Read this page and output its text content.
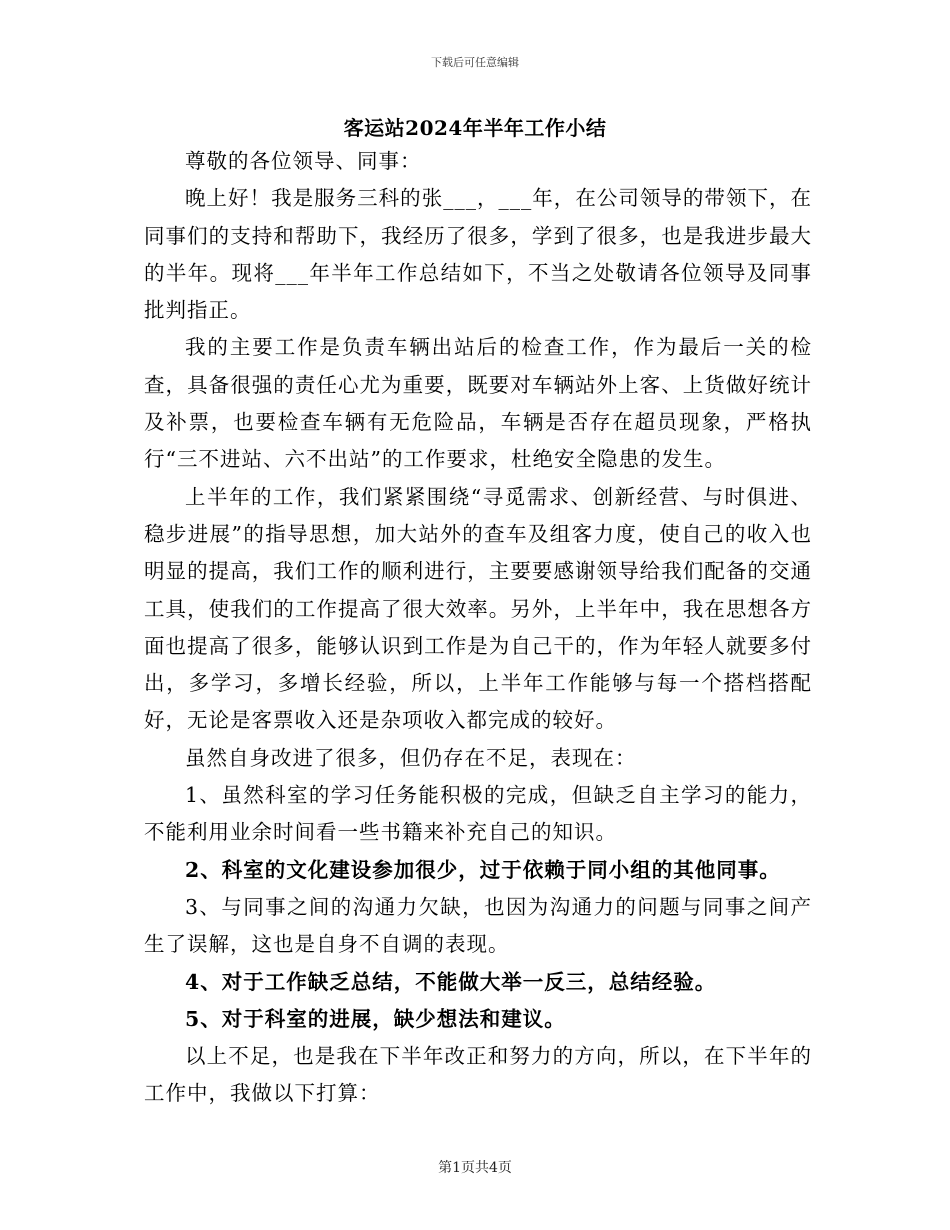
下载后可任意编辑
客运站2024年半年工作小结

尊敬的各位领导、同事：

晚上好！我是服务三科的张___，___年，在公司领导的带领下，在同事们的支持和帮助下，我经历了很多，学到了很多，也是我进步最大的半年。现将___年半年工作总结如下，不当之处敬请各位领导及同事批判指正。

我的主要工作是负责车辆出站后的检查工作，作为最后一关的检查，具备很强的责任心尤为重要，既要对车辆站外上客、上货做好统计及补票，也要检查车辆有无危险品，车辆是否存在超员现象，严格执行“三不进站、六不出站”的工作要求，杜绝安全隐患的发生。

上半年的工作，我们紧紧围绕“寻觅需求、创新经营、与时俱进、稳步进展”的指导思想，加大站外的查车及组客力度，使自己的收入也明显的提高，我们工作的顺利进行，主要要感谢领导给我们配备的交通工具，使我们的工作提高了很大效率。另外，上半年中，我在思想各方面也提高了很多，能够认识到工作是为自己干的，作为年轻人就要多付出，多学习，多增长经验，所以，上半年工作能够与每一个搭档搭配好，无论是客票收入还是杂项收入都完成的较好。

虽然自身改进了很多，但仍存在不足，表现在：

1、虽然科室的学习任务能积极的完成，但缺乏自主学习的能力，不能利用业余时间看一些书籍来补充自己的知识。

2、科室的文化建设参加很少，过于依赖于同小组的其他同事。

3、与同事之间的沟通力欠缺，也因为沟通力的问题与同事之间产生了误解，这也是自身不自调的表现。

4、对于工作缺乏总结，不能做大举一反三，总结经验。

5、对于科室的进展，缺少想法和建议。

以上不足，也是我在下半年改正和努力的方向，所以，在下半年的工作中，我做以下打算：

第1页共4页
